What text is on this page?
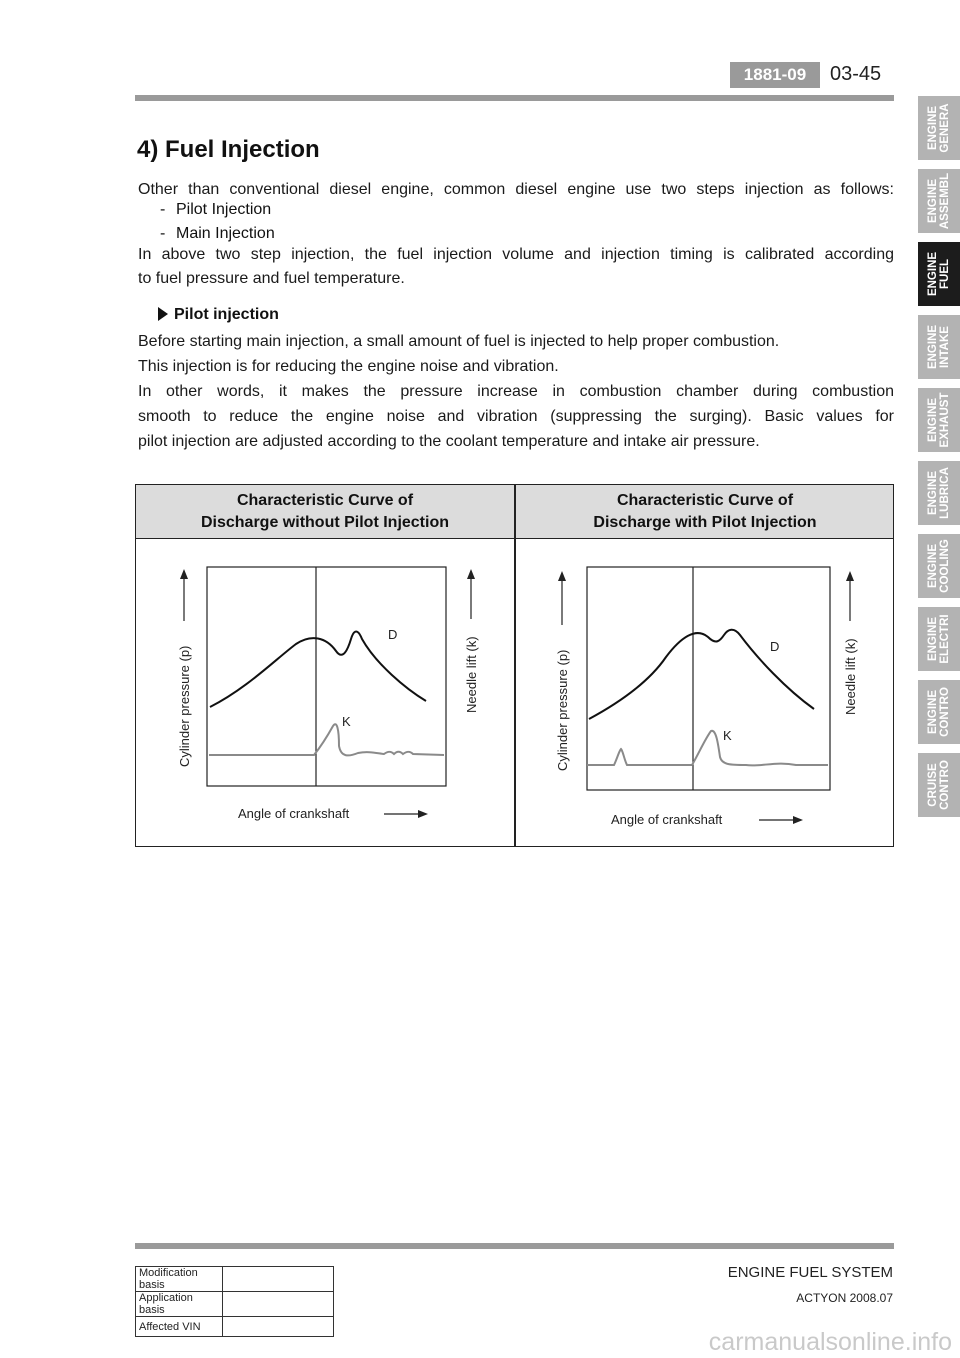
1881-09	03-45
4) Fuel Injection
Other than conventional diesel engine, common diesel engine use two steps injection as follows:
- Pilot Injection
- Main Injection
In above two step injection, the fuel injection volume and injection timing is calibrated according
to fuel pressure and fuel temperature.
Pilot injection
Before starting main injection, a small amount of fuel is injected to help proper combustion.
This injection is for reducing the engine noise and vibration.
In other words, it makes the pressure increase in combustion chamber during combustion
smooth to reduce the engine noise and vibration (suppressing the surging). Basic values for
pilot injection are adjusted according to the coolant temperature and intake air pressure.
Characteristic Curve of
Discharge without Pilot Injection
Characteristic Curve of
Discharge with Pilot Injection
D
K
Cylinder pressure (p)	Needle lift (k)
Angle of crankshaft
D
K
Cylinder pressure (p)	Needle lift (k)
Angle of crankshaft
ENGINE GENERA
ENGINE ASSEMBL
ENGINE FUEL
ENGINE INTAKE
ENGINE EXHAUST
ENGINE LUBRICA
ENGINE COOLING
ENGINE ELECTRI
ENGINE CONTRO
CRUISE CONTRO
Modification basis	
Application basis	
Affected VIN	
ENGINE FUEL SYSTEM
ACTYON 2008.07
carmanualsonline.info
